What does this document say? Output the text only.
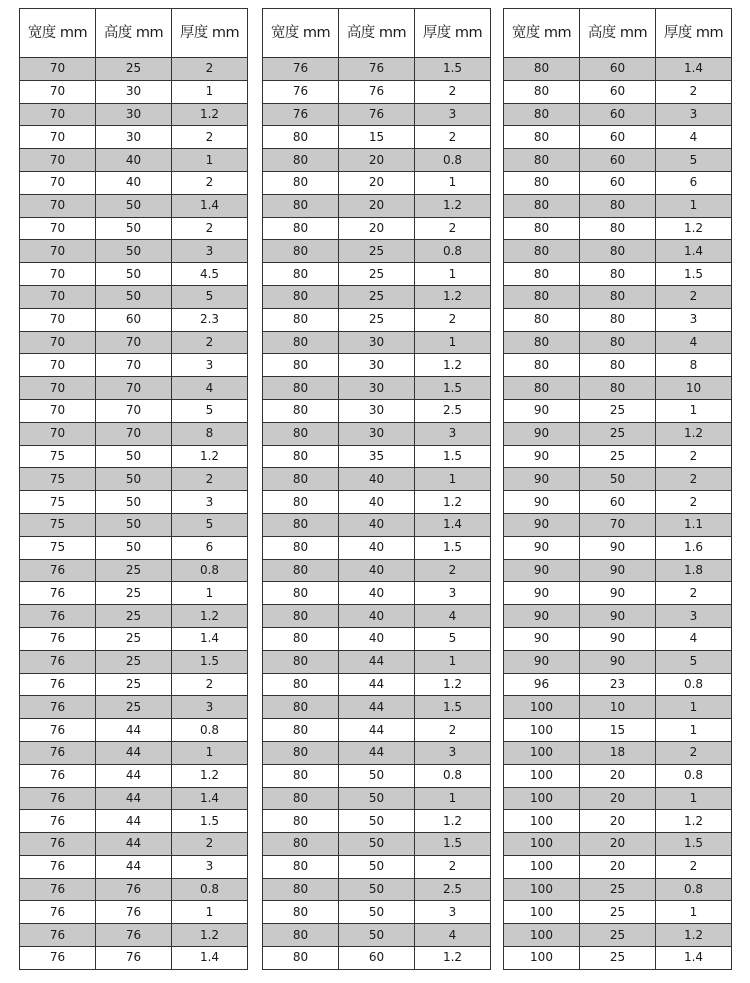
宽度 mm	高度 mm	厚度 mm
70	25	2
70	30	1
70	30	1.2
70	30	2
70	40	1
70	40	2
70	50	1.4
70	50	2
70	50	3
70	50	4.5
70	50	5
70	60	2.3
70	70	2
70	70	3
70	70	4
70	70	5
70	70	8
75	50	1.2
75	50	2
75	50	3
75	50	5
75	50	6
76	25	0.8
76	25	1
76	25	1.2
76	25	1.4
76	25	1.5
76	25	2
76	25	3
76	44	0.8
76	44	1
76	44	1.2
76	44	1.4
76	44	1.5
76	44	2
76	44	3
76	76	0.8
76	76	1
76	76	1.2
76	76	1.4
宽度 mm	高度 mm	厚度 mm
76	76	1.5
76	76	2
76	76	3
80	15	2
80	20	0.8
80	20	1
80	20	1.2
80	20	2
80	25	0.8
80	25	1
80	25	1.2
80	25	2
80	30	1
80	30	1.2
80	30	1.5
80	30	2.5
80	30	3
80	35	1.5
80	40	1
80	40	1.2
80	40	1.4
80	40	1.5
80	40	2
80	40	3
80	40	4
80	40	5
80	44	1
80	44	1.2
80	44	1.5
80	44	2
80	44	3
80	50	0.8
80	50	1
80	50	1.2
80	50	1.5
80	50	2
80	50	2.5
80	50	3
80	50	4
80	60	1.2
宽度 mm	高度 mm	厚度 mm
80	60	1.4
80	60	2
80	60	3
80	60	4
80	60	5
80	60	6
80	80	1
80	80	1.2
80	80	1.4
80	80	1.5
80	80	2
80	80	3
80	80	4
80	80	8
80	80	10
90	25	1
90	25	1.2
90	25	2
90	50	2
90	60	2
90	70	1.1
90	90	1.6
90	90	1.8
90	90	2
90	90	3
90	90	4
90	90	5
96	23	0.8
100	10	1
100	15	1
100	18	2
100	20	0.8
100	20	1
100	20	1.2
100	20	1.5
100	20	2
100	25	0.8
100	25	1
100	25	1.2
100	25	1.4
